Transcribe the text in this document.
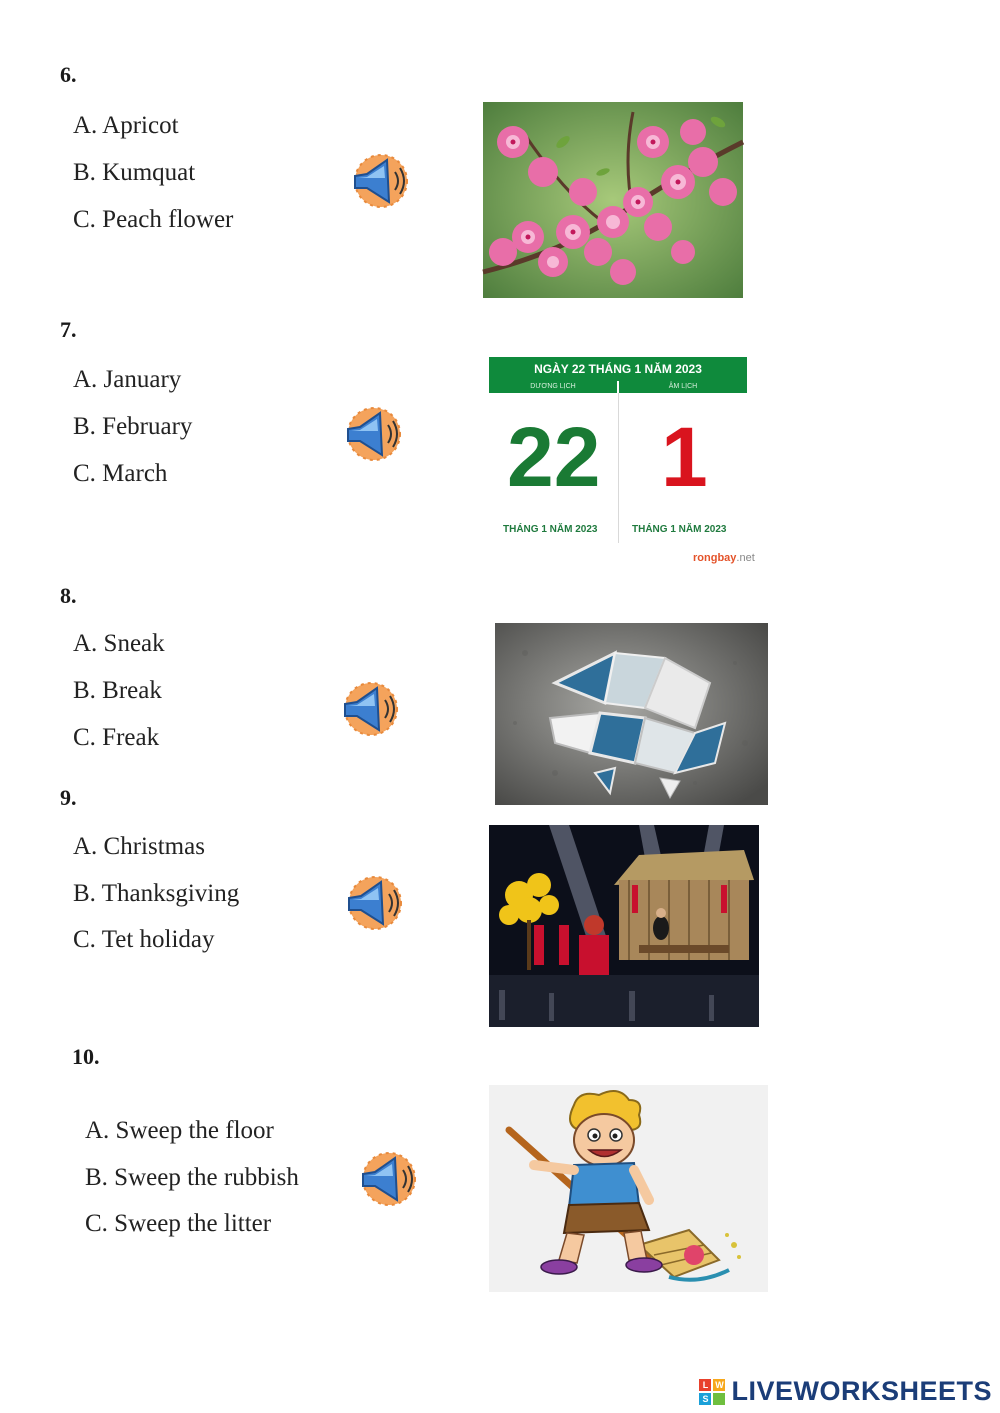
6.
A. Apricot
B. Kumquat
C. Peach flower
7.
A. January
B. February
C. March
NGÀY 22 THÁNG 1 NĂM 2023
DƯƠNG LỊCH	ÂM LỊCH
22 1
THÁNG 1 NĂM 2023	THÁNG 1 NĂM 2023
rongbay.net
8.
A. Sneak
B. Break
C. Freak
9.
A. Christmas
B. Thanksgiving
C. Tet holiday
10.
A. Sweep the floor
B. Sweep the rubbish
C. Sweep the litter
L W
S LIVEWORKSHEETS
